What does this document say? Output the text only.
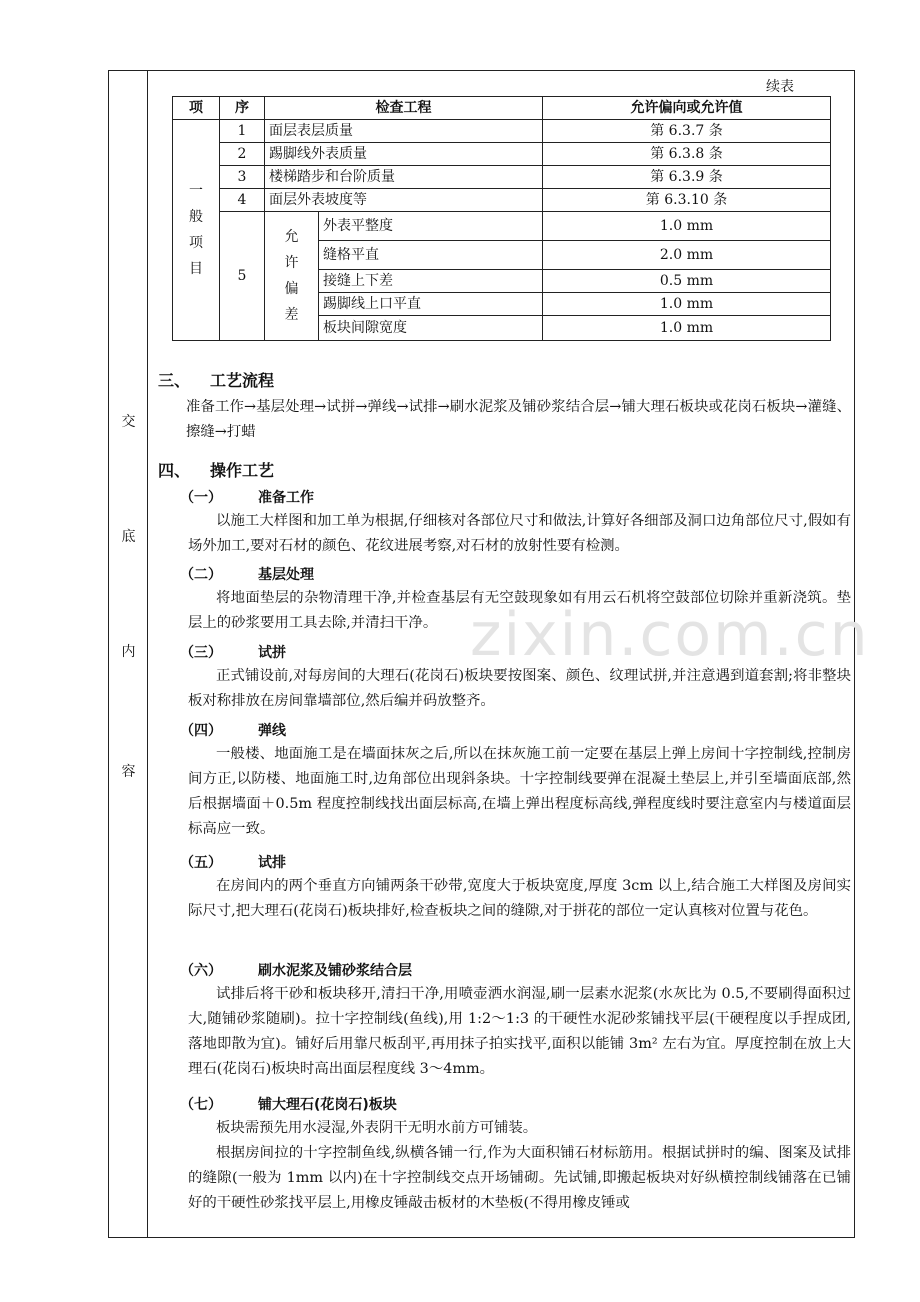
交
底
内
容
续表
项	序	检查工程		允许偏向或允许值
一般项目	1	面层表层质量		第 6.3.7 条
	2	踢脚线外表质量		第 6.3.8 条
	3	楼梯踏步和台阶质量		第 6.3.9 条
	4	面层外表坡度等		第 6.3.10 条
	5	允许偏差	外表平整度	1.0 mm
			缝格平直	2.0 mm
			接缝上下差	0.5 mm
			踢脚线上口平直	1.0 mm
			板块间隙宽度	1.0 mm
三、 工艺流程
准备工作→基层处理→试拼→弹线→试排→刷水泥浆及铺砂浆结合层→铺大理石板块或花岗石板块→灌缝、擦缝→打蜡
四、 操作工艺
（一）	准备工作
以施工大样图和加工单为根据,仔细核对各部位尺寸和做法,计算好各细部及洞口边角部位尺寸,假如有场外加工,要对石材的颜色、花纹进展考察,对石材的放射性要有检测。
（二）	基层处理
将地面垫层的杂物清理干净,并检查基层有无空鼓现象如有用云石机将空鼓部位切除并重新浇筑。垫层上的砂浆要用工具去除,并清扫干净。
（三）	试拼
正式铺设前,对每房间的大理石(花岗石)板块要按图案、颜色、纹理试拼,并注意遇到道套割;将非整块板对称排放在房间靠墙部位,然后编并码放整齐。
（四）	弹线
一般楼、地面施工是在墙面抹灰之后,所以在抹灰施工前一定要在基层上弹上房间十字控制线,控制房间方正,以防楼、地面施工时,边角部位出现斜条块。十字控制线要弹在混凝土垫层上,并引至墙面底部,然后根据墙面＋0.5m 程度控制线找出面层标高,在墙上弹出程度标高线,弹程度线时要注意室内与楼道面层标高应一致。
（五）	试排
在房间内的两个垂直方向铺两条干砂带,宽度大于板块宽度,厚度 3cm 以上,结合施工大样图及房间实际尺寸,把大理石(花岗石)板块排好,检查板块之间的缝隙,对于拼花的部位一定认真核对位置与花色。
（六）	刷水泥浆及铺砂浆结合层
试排后将干砂和板块移开,清扫干净,用喷壶洒水润湿,刷一层素水泥浆(水灰比为 0.5,不要刷得面积过大,随铺砂浆随刷)。拉十字控制线(鱼线),用 1:2～1:3 的干硬性水泥砂浆铺找平层(干硬程度以手捏成团,落地即散为宜)。铺好后用靠尺板刮平,再用抹子拍实找平,面积以能铺 3m² 左右为宜。厚度控制在放上大理石(花岗石)板块时高出面层程度线 3～4mm。
（七）	铺大理石(花岗石)板块
板块需预先用水浸湿,外表阴干无明水前方可铺装。
根据房间拉的十字控制鱼线,纵横各铺一行,作为大面积铺石材标筋用。根据试拼时的编、图案及试排的缝隙(一般为 1mm 以内)在十字控制线交点开场铺砌。先试铺,即搬起板块对好纵横控制线铺落在已铺好的干硬性砂浆找平层上,用橡皮锤敲击板材的木垫板(不得用橡皮锤或
zixin.com.cn
